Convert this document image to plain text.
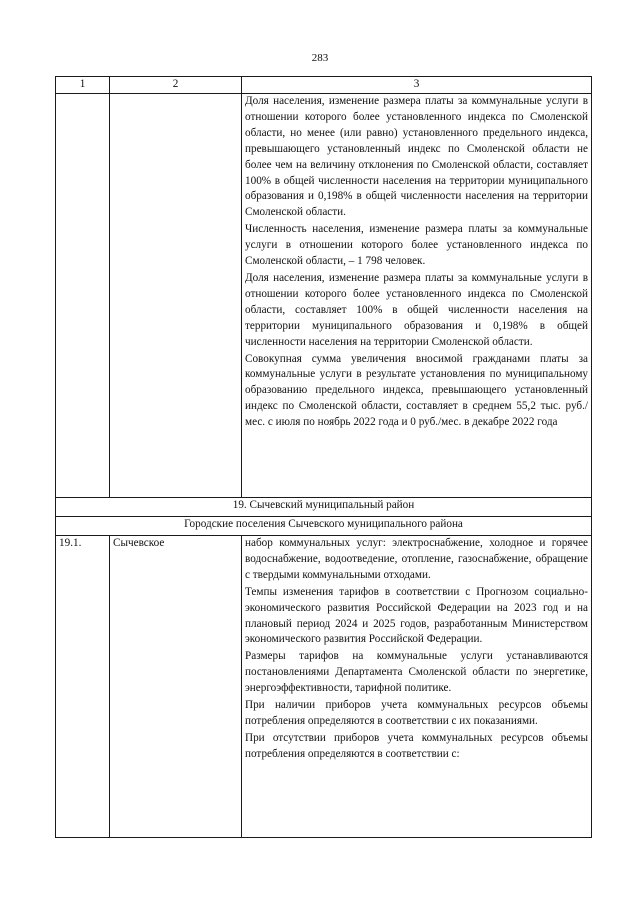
283
1	2	3

		Доля населения, изменение размера платы за коммунальные услуги в отношении которого более установленного индекса по Смоленской области, но менее (или равно) установленного предельного индекса, превышающего установленный индекс по Смоленской области не более чем на величину отклонения по Смоленской области, составляет 100% в общей численности населения на территории муниципального образования и 0,198% в общей численности населения на территории Смоленской области.

Численность населения, изменение размера платы за коммунальные услуги в отношении которого более установленного индекса по Смоленской области, – 1 798 человек.

Доля населения, изменение размера платы за коммунальные услуги в отношении которого более установленного индекса по Смоленской области, составляет 100% в общей численности населения на территории муниципального образования и 0,198% в общей численности населения на территории Смоленской области.

Совокупная сумма увеличения вносимой гражданами платы за коммунальные услуги в результате установления по муниципальному образованию предельного индекса, превышающего установленный индекс по Смоленской области, составляет в среднем 55,2 тыс. руб./мес. с июля по ноябрь 2022 года и 0 руб./мес. в декабре 2022 года

19. Сычевский муниципальный район		
Городские поселения Сычевского муниципального района		
19.1.	Сычевское	набор коммунальных услуг: электроснабжение, холодное и горячее водоснабжение, водоотведение, отопление, газоснабжение, обращение с твердыми коммунальными отходами.

Темпы изменения тарифов в соответствии с Прогнозом социально-экономического развития Российской Федерации на 2023 год и на плановый период 2024 и 2025 годов, разработанным Министерством экономического развития Российской Федерации.

Размеры тарифов на коммунальные услуги устанавливаются постановлениями Департамента Смоленской области по энергетике, энергоэффективности, тарифной политике.

При наличии приборов учета коммунальных ресурсов объемы потребления определяются в соответствии с их показаниями.

При отсутствии приборов учета коммунальных ресурсов объемы потребления определяются в соответствии с:
